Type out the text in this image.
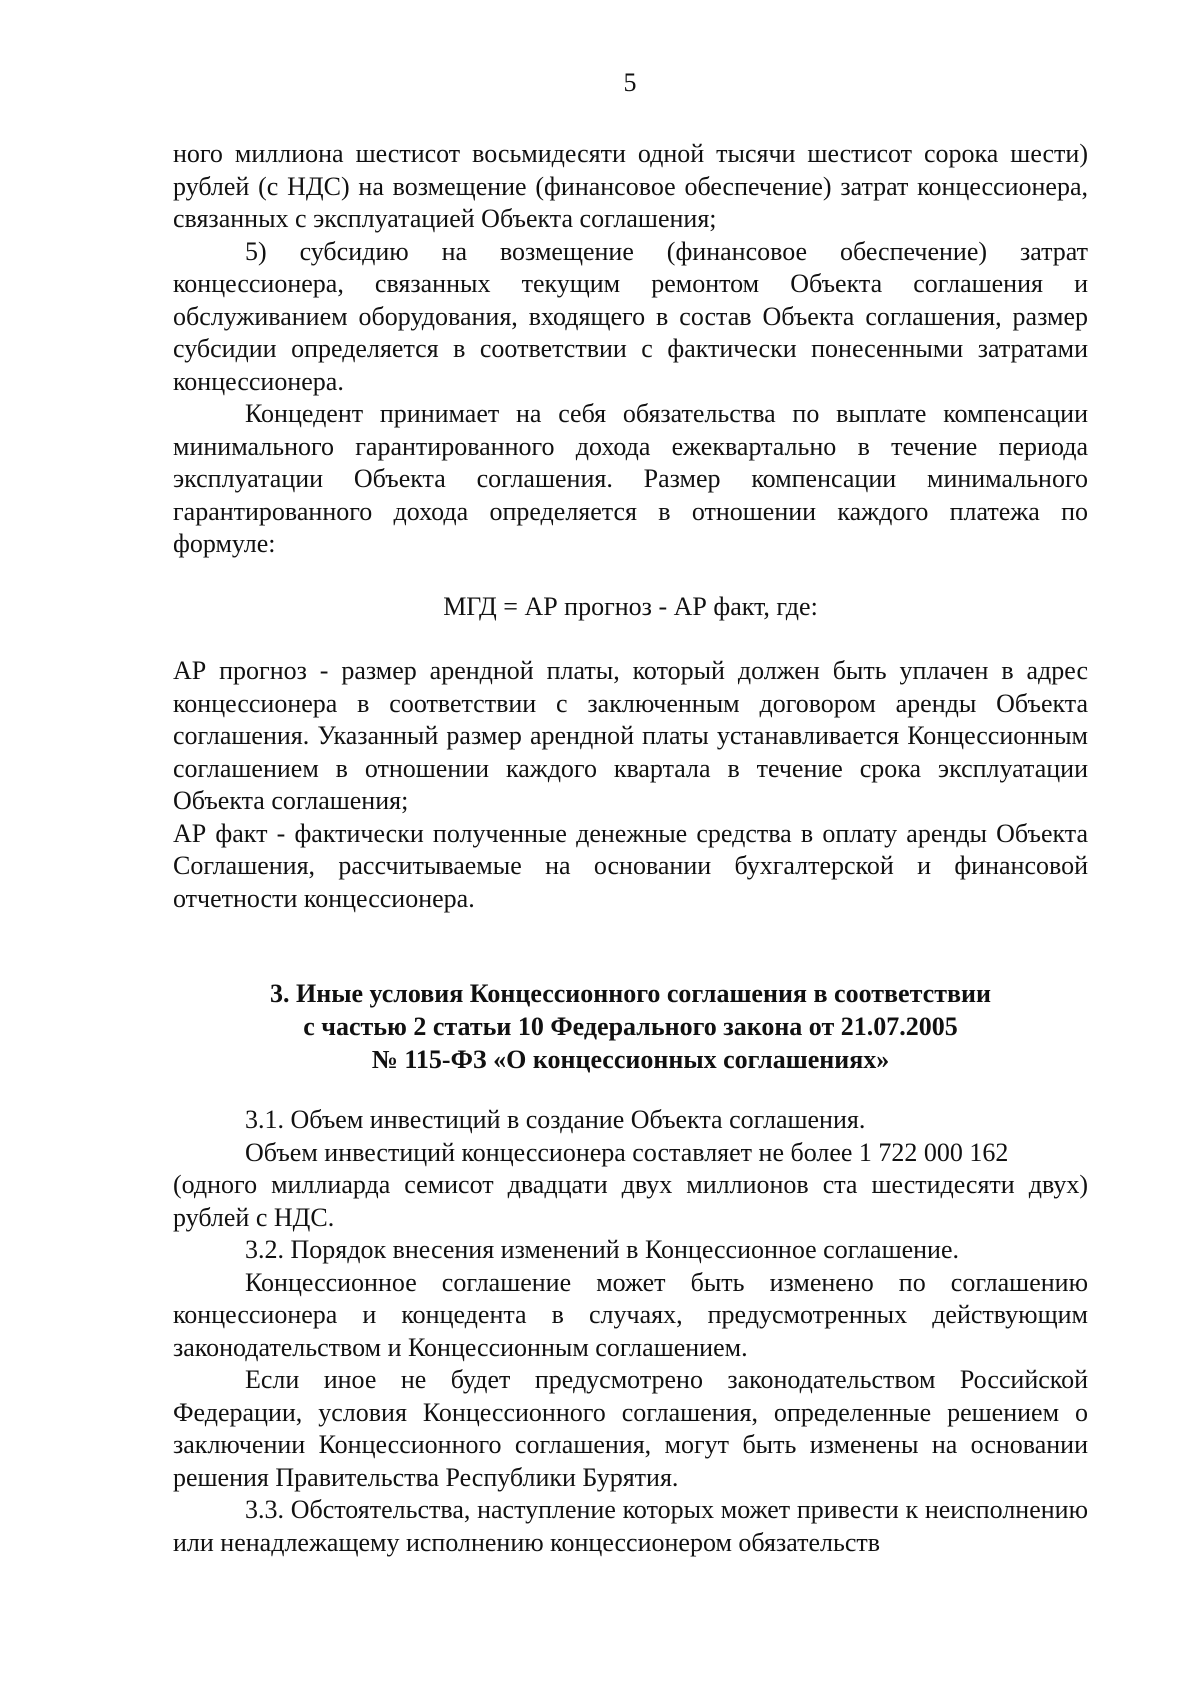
5

ного миллиона шестисот восьмидесяти одной тысячи шестисот сорока шести) рублей (с НДС) на возмещение (финансовое обеспечение) затрат концессионера, связанных с эксплуатацией Объекта соглашения;

5) субсидию на возмещение (финансовое обеспечение) затрат концессионера, связанных текущим ремонтом Объекта соглашения и обслуживанием оборудования, входящего в состав Объекта соглашения, размер субсидии определяется в соответствии с фактически понесенными затратами концессионера.

Концедент принимает на себя обязательства по выплате компенсации минимального гарантированного дохода ежеквартально в течение периода эксплуатации Объекта соглашения. Размер компенсации минимального гарантированного дохода определяется в отношении каждого платежа по формуле:

МГД = АР прогноз - АР факт, где:

АР прогноз - размер арендной платы, который должен быть уплачен в адрес концессионера в соответствии с заключенным договором аренды Объекта соглашения. Указанный размер арендной платы устанавливается Концессионным соглашением в отношении каждого квартала в течение срока эксплуатации Объекта соглашения;

АР факт - фактически полученные денежные средства в оплату аренды Объекта Соглашения, рассчитываемые на основании бухгалтерской и финансовой отчетности концессионера.

3. Иные условия Концессионного соглашения в соответствии
с частью 2 статьи 10 Федерального закона от 21.07.2005
№ 115-ФЗ «О концессионных соглашениях»

3.1. Объем инвестиций в создание Объекта соглашения.

Объем инвестиций концессионера составляет не более 1 722 000 162

(одного миллиарда семисот двадцати двух миллионов ста шестидесяти двух) рублей с НДС.

3.2. Порядок внесения изменений в Концессионное соглашение.

Концессионное соглашение может быть изменено по соглашению концессионера и концедента в случаях, предусмотренных действующим законодательством и Концессионным соглашением.

Если иное не будет предусмотрено законодательством Российской Федерации, условия Концессионного соглашения, определенные решением о заключении Концессионного соглашения, могут быть изменены на основании решения Правительства Республики Бурятия.

3.3. Обстоятельства, наступление которых может привести к неисполнению или ненадлежащему исполнению концессионером обязательств
